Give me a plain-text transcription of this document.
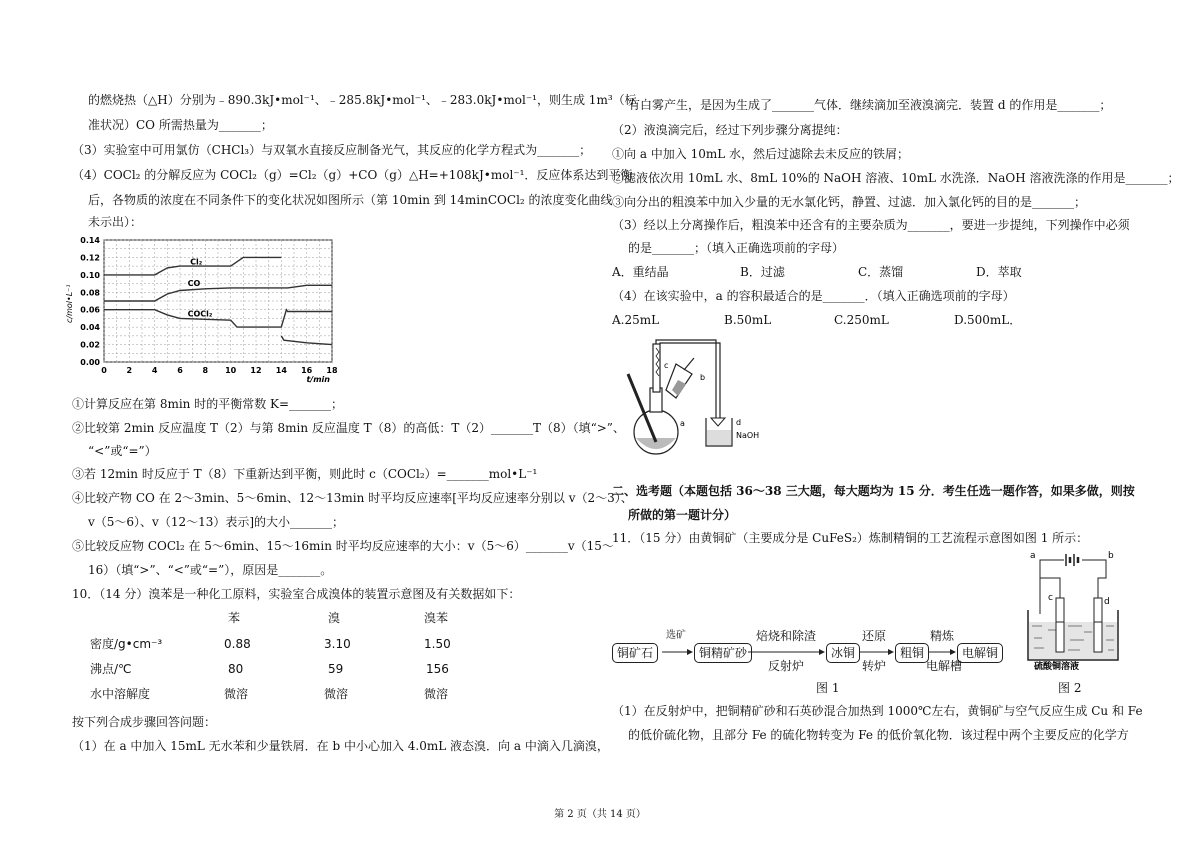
的燃烧热（△H）分别为﹣890.3kJ•mol⁻¹、﹣285.8kJ•mol⁻¹、﹣283.0kJ•mol⁻¹，则生成 1m³（标
准状况）CO 所需热量为_______；
（3）实验室中可用氯仿（CHCl₃）与双氧水直接反应制备光气，其反应的化学方程式为_______；
（4）COCl₂ 的分解反应为 COCl₂（g）=Cl₂（g）+CO（g）△H=+108kJ•mol⁻¹．反应体系达到平衡
后，各物质的浓度在不同条件下的变化状况如图所示（第 10min 到 14minCOCl₂ 的浓度变化曲线
未示出）：
0.00
0.02
0.04
0.06
0.08
0.10
0.12
0.14
0 2 4 6 8 10 12 14 16 18
t/min
c/mol•L⁻¹
Cl₂
CO
COCl₂
①计算反应在第 8min 时的平衡常数 K=_______；
②比较第 2min 反应温度 T（2）与第 8min 反应温度 T（8）的高低：T（2）_______T（8）（填“>”、
“<”或“=”）
③若 12min 时反应于 T（8）下重新达到平衡，则此时 c（COCl₂）=_______mol•L⁻¹
④比较产物 CO 在 2～3min、5～6min、12～13min 时平均反应速率[平均反应速率分别以 v（2～3）、
v（5～6）、v（12～13）表示]的大小_______；
⑤比较反应物 COCl₂ 在 5～6min、15～16min 时平均反应速率的大小：v（5～6）_______v（15～
16）（填“>”、“<”或“=”），原因是_______。
10．（14 分）溴苯是一种化工原料，实验室合成溴体的装置示意图及有关数据如下：
苯	溴	溴苯
密度/g•cm⁻³	0.88	3.10	1.50
沸点/℃	80	59	156
水中溶解度	微溶	微溶	微溶
按下列合成步骤回答问题：
（1）在 a 中加入 15mL 无水苯和少量铁屑．在 b 中小心加入 4.0mL 液态溴．向 a 中滴入几滴溴，
有白雾产生，是因为生成了_______气体．继续滴加至液溴滴完．装置 d 的作用是_______；
（2）液溴滴完后，经过下列步骤分离提纯：
①向 a 中加入 10mL 水，然后过滤除去未反应的铁屑；
②滤液依次用 10mL 水、8mL 10%的 NaOH 溶液、10mL 水洗涤．NaOH 溶液洗涤的作用是_______；
③向分出的粗溴苯中加入少量的无水氯化钙，静置、过滤．加入氯化钙的目的是_______；
（3）经以上分离操作后，粗溴苯中还含有的主要杂质为_______，要进一步提纯，下列操作中必须
的是_______；（填入正确选项前的字母）
A．重结晶	B．过滤	C．蒸馏	D．萃取
（4）在该实验中，a 的容积最适合的是_______．（填入正确选项前的字母）
A.25mL	B.50mL	C.250mL	D.500mL．
a
b
c
d
NaOH
二、选考题（本题包括 36～38 三大题，每大题均为 15 分．考生任选一题作答，如果多做，则按
所做的第一题计分）
11．（15 分）由黄铜矿（主要成分是 CuFeS₂）炼制精铜的工艺流程示意图如图 1 所示：
铜矿石	铜精矿砂	冰铜	粗铜	电解铜
选矿	焙烧和除渣
反射炉
还原
转炉
精炼
电解槽
图 1
a	b
c	d
硫酸铜溶液
图 2
（1）在反射炉中，把铜精矿砂和石英砂混合加热到 1000℃左右，黄铜矿与空气反应生成 Cu 和 Fe
的低价硫化物，且部分 Fe 的硫化物转变为 Fe 的低价氧化物．该过程中两个主要反应的化学方
第 2 页（共 14 页）
